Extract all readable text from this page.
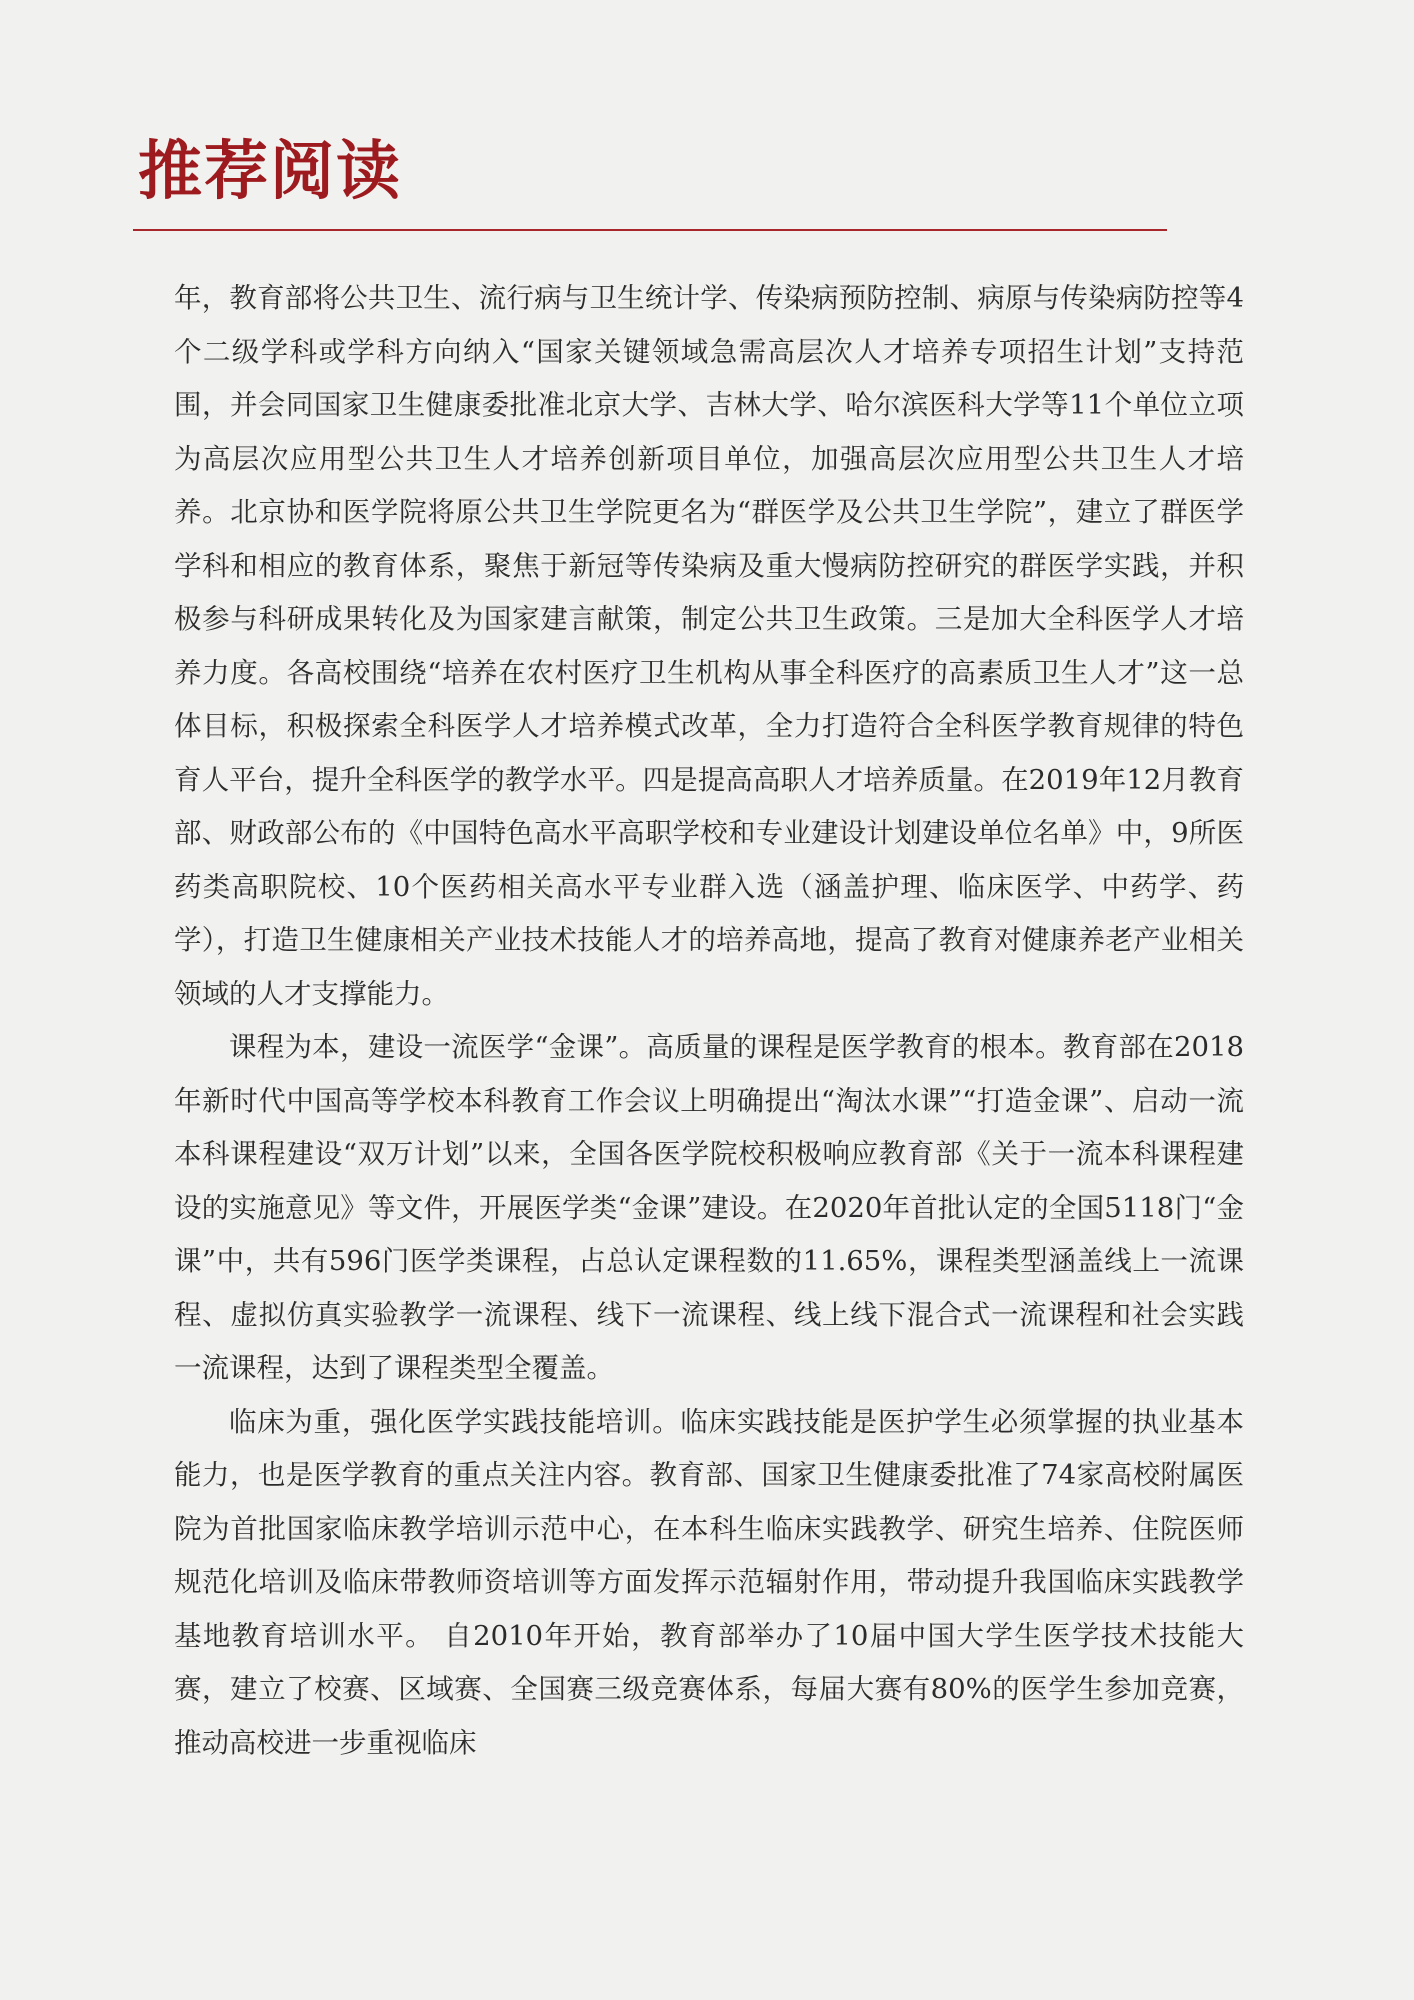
推荐阅读

年，教育部将公共卫生、流行病与卫生统计学、传染病预防控制、病原与传染病防控等4个二级学科或学科方向纳入“国家关键领域急需高层次人才培养专项招生计划”支持范围，并会同国家卫生健康委批准北京大学、吉林大学、哈尔滨医科大学等11个单位立项为高层次应用型公共卫生人才培养创新项目单位，加强高层次应用型公共卫生人才培养。北京协和医学院将原公共卫生学院更名为“群医学及公共卫生学院”，建立了群医学学科和相应的教育体系，聚焦于新冠等传染病及重大慢病防控研究的群医学实践，并积极参与科研成果转化及为国家建言献策，制定公共卫生政策。三是加大全科医学人才培养力度。各高校围绕“培养在农村医疗卫生机构从事全科医疗的高素质卫生人才”这一总体目标，积极探索全科医学人才培养模式改革，全力打造符合全科医学教育规律的特色育人平台，提升全科医学的教学水平。四是提高高职人才培养质量。在2019年12月教育部、财政部公布的《中国特色高水平高职学校和专业建设计划建设单位名单》中，9所医药类高职院校、10个医药相关高水平专业群入选（涵盖护理、临床医学、中药学、药学），打造卫生健康相关产业技术技能人才的培养高地，提高了教育对健康养老产业相关领域的人才支撑能力。

课程为本，建设一流医学“金课”。高质量的课程是医学教育的根本。教育部在2018年新时代中国高等学校本科教育工作会议上明确提出“淘汰水课”“打造金课”、启动一流本科课程建设“双万计划”以来，全国各医学院校积极响应教育部《关于一流本科课程建设的实施意见》等文件，开展医学类“金课”建设。在2020年首批认定的全国5118门“金课”中，共有596门医学类课程，占总认定课程数的11.65%，课程类型涵盖线上一流课程、虚拟仿真实验教学一流课程、线下一流课程、线上线下混合式一流课程和社会实践一流课程，达到了课程类型全覆盖。

临床为重，强化医学实践技能培训。临床实践技能是医护学生必须掌握的执业基本能力，也是医学教育的重点关注内容。教育部、国家卫生健康委批准了74家高校附属医院为首批国家临床教学培训示范中心，在本科生临床实践教学、研究生培养、住院医师规范化培训及临床带教师资培训等方面发挥示范辐射作用，带动提升我国临床实践教学基地教育培训水平。 自2010年开始，教育部举办了10届中国大学生医学技术技能大赛，建立了校赛、区域赛、全国赛三级竞赛体系，每届大赛有80%的医学生参加竞赛，推动高校进一步重视临床
